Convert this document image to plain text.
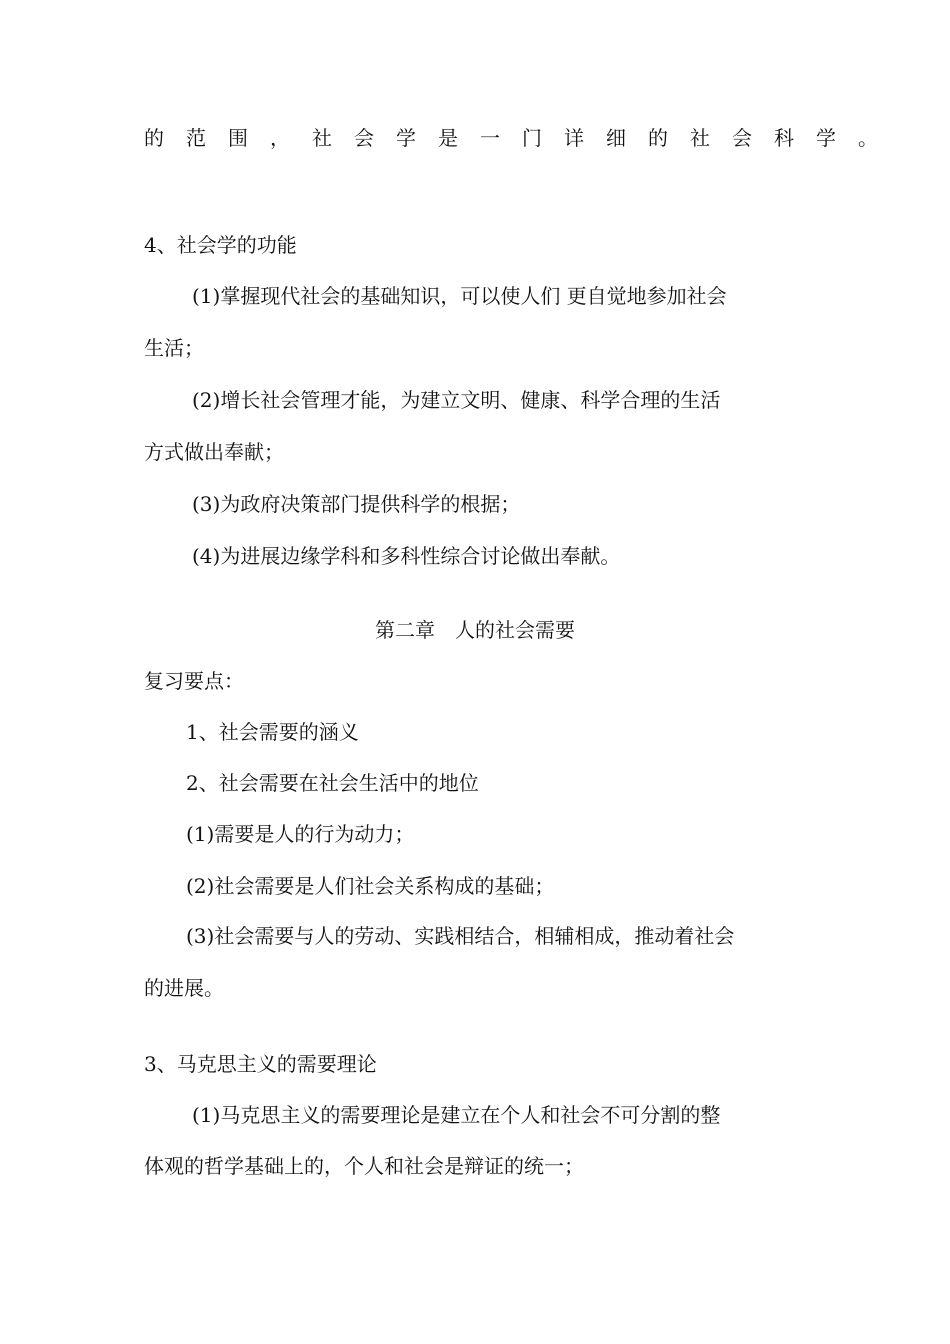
的范围，社会学是一门详细的社会科学。
4、社会学的功能
(1)掌握现代社会的基础知识，可以使人们 更自觉地参加社会
生活；
(2)增长社会管理才能，为建立文明、健康、科学合理的生活
方式做出奉献；
(3)为政府决策部门提供科学的根据；
(4)为进展边缘学科和多科性综合讨论做出奉献。
第二章　人的社会需要
复习要点：
1、社会需要的涵义
2、社会需要在社会生活中的地位
(1)需要是人的行为动力；
(2)社会需要是人们社会关系构成的基础；
(3)社会需要与人的劳动、实践相结合，相辅相成，推动着社会
的进展。
3、马克思主义的需要理论
(1)马克思主义的需要理论是建立在个人和社会不可分割的整
体观的哲学基础上的，个人和社会是辩证的统一；
